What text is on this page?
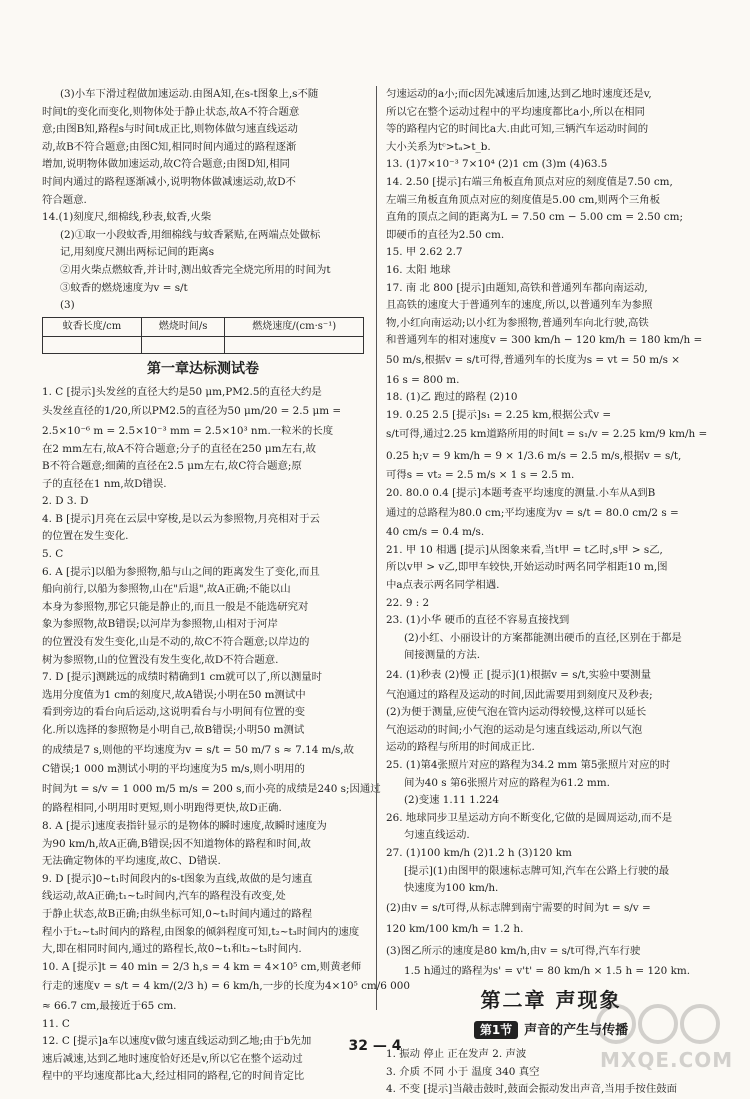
(3)小车下滑过程做加速运动.由图A知,在s-t图象上,s不随
时间t的变化而变化,则物体处于静止状态,故A不符合题意
意;由图B知,路程s与时间t成正比,则物体做匀速直线运动
动,故B不符合题意;由图C知,相同时间内通过的路程逐渐
增加,说明物体做加速运动,故C符合题意;由图D知,相同
时间内通过的路程逐渐减小,说明物体做减速运动,故D不
符合题意.
14.(1)刻度尺,细棉线,秒表,蚊香,火柴
(2)①取一小段蚊香,用细棉线与蚊香紧贴,在两端点处做标
记,用刻度尺测出两标记间的距离s
②用火柴点燃蚊香,并计时,测出蚊香完全烧完所用的时间为t
③蚊香的燃烧速度为v = s/t
(3)
蚊香长度/cm	燃烧时间/s	燃烧速度/(cm·s⁻¹)

第一章达标测试卷
1. C [提示]头发丝的直径大约是50 μm,PM2.5的直径大约是
头发丝直径的1/20,所以PM2.5的直径为50 μm/20 = 2.5 μm =
2.5×10⁻⁶ m = 2.5×10⁻³ mm = 2.5×10³ nm.一粒米的长度
在2 mm左右,故A不符合题意;分子的直径在250 μm左右,故
B不符合题意;细菌的直径在2.5 μm左右,故C符合题意;原
子的直径在1 nm,故D错误.
2. D 3. D
4. B [提示]月亮在云层中穿梭,是以云为参照物,月亮相对于云
的位置在发生变化.
5. C
6. A [提示]以船为参照物,船与山之间的距离发生了变化,而且
船向前行,以船为参照物,山在"后退",故A正确;不能以山
本身为参照物,那它只能是静止的,而且一般是不能选研究对
象为参照物,故B错误;以河岸为参照物,山相对于河岸
的位置没有发生变化,山是不动的,故C不符合题意;以岸边的
树为参照物,山的位置没有发生变化,故D不符合题意.
7. D [提示]测跳远的成绩时精确到1 cm就可以了,所以测量时
选用分度值为1 cm的刻度尺,故A错误;小明在50 m测试中
看到旁边的看台向后运动,这说明看台与小明间有位置的变
化.所以选择的参照物是小明自己,故B错误;小明50 m测试
的成绩是7 s,则他的平均速度为v = s/t = 50 m/7 s ≈ 7.14 m/s,故
C错误;1 000 m测试小明的平均速度为5 m/s,则小明用的
时间为t = s/v = 1 000 m/5 m/s = 200 s,而小亮的成绩是240 s;因通过
的路程相同,小明用时更短,则小明跑得更快,故D正确.
8. A [提示]速度表指针显示的是物体的瞬时速度,故瞬时速度为
为90 km/h,故A正确,B错误;因不知道物体的路程和时间,故
无法确定物体的平均速度,故C、D错误.
9. D [提示]0~t₁时间段内的s-t图象为直线,故做的是匀速直
线运动,故A正确;t₁~t₂时间内,汽车的路程没有改变,处
于静止状态,故B正确;由纵坐标可知,0~t₁时间内通过的路程
程小于t₂~t₃时间内的路程,由图象的倾斜程度可知,t₂~t₃时间内的速度
大,即在相同时间内,通过的路程长,故0~t₁和t₂~t₃时间内.
10. A [提示]t = 40 min = 2/3 h,s = 4 km = 4×10⁵ cm,则黄老师
行走的速度v = s/t = 4 km/(2/3 h) = 6 km/h,一步的长度为4×10⁵ cm/6 000
≈ 66.7 cm,最接近于65 cm.
11. C
12. C [提示]a车以速度v做匀速直线运动到乙地;由于b先加
速后减速,达到乙地时速度恰好还是v,所以它在整个运动过
程中的平均速度都比a大,经过相同的路程,它的时间肯定比
匀速运动的a小;而c因先减速后加速,达到乙地时速度还是v,
所以它在整个运动过程中的平均速度都比a小,所以在相同
等的路程内它的时间比a大.由此可知,三辆汽车运动时间的
大小关系为tᶜ>tₐ>t_b.
13. (1)7×10⁻³ 7×10⁴ (2)1 cm (3)m (4)63.5
14. 2.50 [提示]右端三角板直角顶点对应的刻度值是7.50 cm,
左端三角板直角顶点对应的刻度值是5.00 cm,则两个三角板
直角的顶点之间的距离为L = 7.50 cm − 5.00 cm = 2.50 cm;
即硬币的直径为2.50 cm.
15. 甲 2.62 2.7
16. 太阳 地球
17. 南 北 800 [提示]由题知,高铁和普通列车都向南运动,
且高铁的速度大于普通列车的速度,所以,以普通列车为参照
物,小红向南运动;以小红为参照物,普通列车向北行驶,高铁
和普通列车的相对速度v = 300 km/h − 120 km/h = 180 km/h =
50 m/s,根据v = s/t可得,普通列车的长度为s = vt = 50 m/s ×
16 s = 800 m.
18. (1)乙 跑过的路程 (2)10
19. 0.25 2.5 [提示]s₁ = 2.25 km,根据公式v =
s/t可得,通过2.25 km道路所用的时间t = s₁/v = 2.25 km/9 km/h =
0.25 h;v = 9 km/h = 9 × 1/3.6 m/s = 2.5 m/s,根据v = s/t,
可得s = vt₂ = 2.5 m/s × 1 s = 2.5 m.
20. 80.0 0.4 [提示]本题考查平均速度的测量.小车从A到B
通过的总路程为80.0 cm;平均速度为v = s/t = 80.0 cm/2 s =
40 cm/s = 0.4 m/s.
21. 甲 10 相遇 [提示]从图象来看,当t甲 = t乙时,s甲 > s乙,
所以v甲 > v乙,即甲车较快,开始运动时两名同学相距10 m,图
中a点表示两名同学相遇.
22. 9 : 2
23. (1)小华 硬币的直径不容易直接找到
(2)小红、小丽设计的方案都能测出硬币的直径,区别在于都是
间接测量的方法.
24. (1)秒表 (2)慢 正 [提示](1)根据v = s/t,实验中要测量
气泡通过的路程及运动的时间,因此需要用到刻度尺及秒表;
(2)为便于测量,应使气泡在管内运动得较慢,这样可以延长
气泡运动的时间;小气泡的运动是匀速直线运动,所以气泡
运动的路程与所用的时间成正比.
25. (1)第4张照片对应的路程为34.2 mm 第5张照片对应的时
间为40 s 第6张照片对应的路程为61.2 mm.
(2)变速 1.11 1.224
26. 地球同步卫星运动方向不断变化,它做的是圆周运动,而不是
匀速直线运动.
27. (1)100 km/h (2)1.2 h (3)120 km
[提示](1)由图甲的限速标志牌可知,汽车在公路上行驶的最
快速度为100 km/h.
(2)由v = s/t可得,从标志牌到南宁需要的时间为t = s/v =
120 km/100 km/h = 1.2 h.
(3)图乙所示的速度是80 km/h,由v = s/t可得,汽车行驶
1.5 h通过的路程为s' = v't' = 80 km/h × 1.5 h = 120 km.
第二章 声现象
第1节 声音的产生与传播
1. 振动 停止 正在发声 2. 声波
3. 介质 不同 小于 温度 340 真空
4. 不变 [提示]当敲击鼓时,鼓面会振动发出声音,当用手按住鼓面
32 — 4
MXQE.COM
